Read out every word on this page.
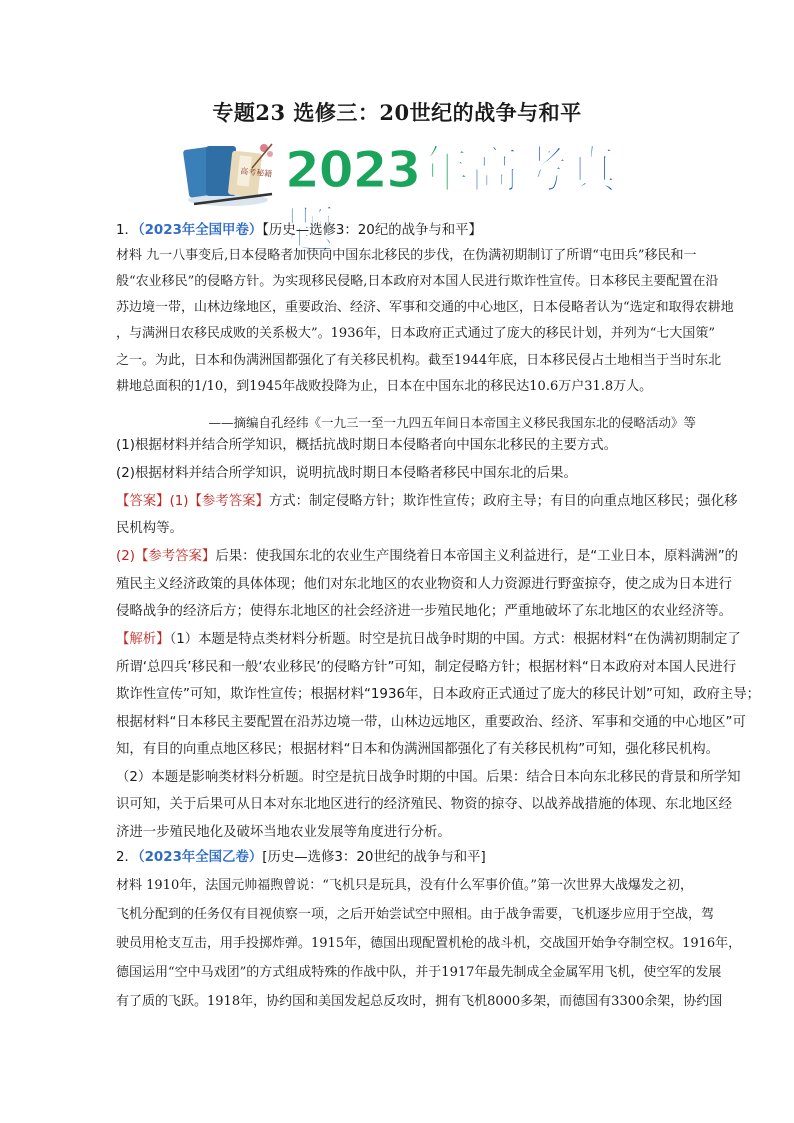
专题23 选修三：20世纪的战争与和平
高考秘籍 2023年高考真题
1．（2023年全国甲卷）【历史—选修3：20纪的战争与和平】
材料 九一八事变后,日本侵略者加快向中国东北移民的步伐，在伪满初期制订了所谓“屯田兵”移民和一
般“农业移民”的侵略方针。为实现移民侵略,日本政府对本国人民进行欺诈性宣传。日本移民主要配置在沿
苏边境一带，山林边缘地区，重要政治、经济、军事和交通的中心地区，日本侵略者认为“选定和取得农耕地
，与满洲日农移民成败的关系极大”。1936年，日本政府正式通过了庞大的移民计划，并列为“七大国策”
之一。为此，日本和伪满洲国都强化了有关移民机构。截至1944年底，日本移民侵占土地相当于当时东北
耕地总面积的1/10，到1945年战败投降为止，日本在中国东北的移民达10.6万户31.8万人。
——摘编自孔经纬《一九三一至一九四五年间日本帝国主义移民我国东北的侵略活动》等
(1)根据材料并结合所学知识，概括抗战时期日本侵略者向中国东北移民的主要方式。
(2)根据材料并结合所学知识，说明抗战时期日本侵略者移民中国东北的后果。
【答案】(1)【参考答案】方式：制定侵略方针；欺诈性宣传；政府主导；有目的向重点地区移民；强化移
民机构等。
(2)【参考答案】后果：使我国东北的农业生产围绕着日本帝国主义利益进行，是“工业日本，原料满洲”的
殖民主义经济政策的具体体现；他们对东北地区的农业物资和人力资源进行野蛮掠夺，使之成为日本进行
侵略战争的经济后方；使得东北地区的社会经济进一步殖民地化；严重地破坏了东北地区的农业经济等。
【解析】（1）本题是特点类材料分析题。时空是抗日战争时期的中国。方式：根据材料“在伪满初期制定了
所谓‘总四兵’移民和一般‘农业移民’的侵略方针”可知，制定侵略方针；根据材料“日本政府对本国人民进行
欺诈性宣传”可知，欺诈性宣传；根据材料“1936年，日本政府正式通过了庞大的移民计划”可知，政府主导；
根据材料“日本移民主要配置在沿苏边境一带，山林边远地区，重要政治、经济、军事和交通的中心地区”可
知，有目的向重点地区移民；根据材料“日本和伪满洲国都强化了有关移民机构”可知，强化移民机构。
（2）本题是影响类材料分析题。时空是抗日战争时期的中国。后果：结合日本向东北移民的背景和所学知
识可知，关于后果可从日本对东北地区进行的经济殖民、物资的掠夺、以战养战措施的体现、东北地区经
济进一步殖民地化及破坏当地农业发展等角度进行分析。
2．（2023年全国乙卷）[历史—选修3：20世纪的战争与和平]
材料 1910年，法国元帅福煦曾说：“飞机只是玩具，没有什么军事价值。”第一次世界大战爆发之初，
飞机分配到的任务仅有目视侦察一项，之后开始尝试空中照相。由于战争需要，飞机逐步应用于空战，驾
驶员用枪支互击，用手投掷炸弹。1915年，德国出现配置机枪的战斗机，交战国开始争夺制空权。1916年，
德国运用“空中马戏团”的方式组成特殊的作战中队，并于1917年最先制成全金属军用飞机，使空军的发展
有了质的飞跃。1918年，协约国和美国发起总反攻时，拥有飞机8000多架，而德国有3300余架，协约国
